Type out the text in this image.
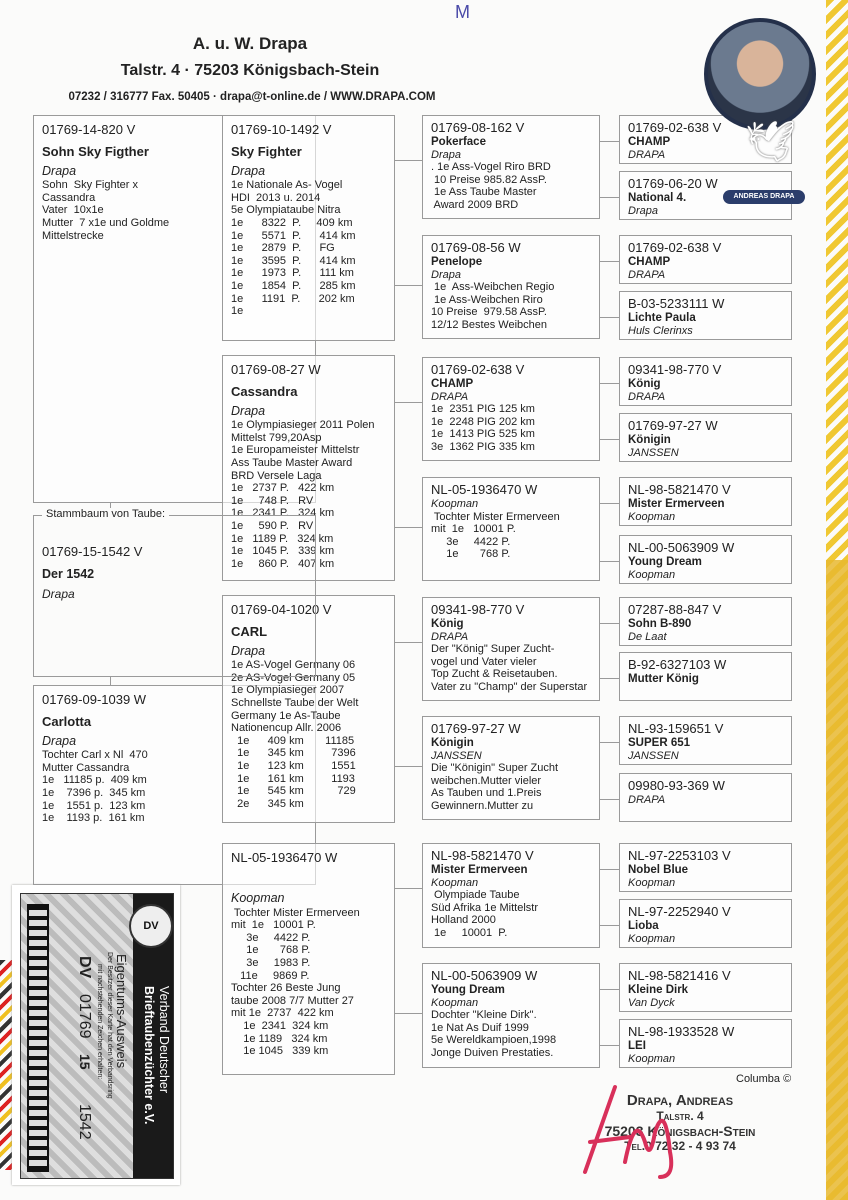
M
A. u. W. Drapa
Talstr. 4 · 75203 Königsbach-Stein
07232 / 316777 Fax. 50405 · drapa@t-online.de / WWW.DRAPA.COM
01769-14-820 V
Sohn Sky Figther
Drapa
Sohn  Sky Fighter x
Cassandra
Vater  10x1e
Mutter  7 x1e und Goldme
Mittelstrecke
01769-09-1039 W
Carlotta
Drapa
Tochter Carl x Nl  470
Mutter Cassandra
1e   11185 p.  409 km
1e    7396 p.  345 km
1e    1551 p.  123 km
1e    1193 p.  161 km
01769-10-1492 V
Sky Fighter
Drapa
1e Nationale As- Vogel
HDI  2013 u. 2014
5e Olympiataube Nitra
1e      8322  P.     409 km
1e      5571  P.      414 km
1e      2879  P.      FG
1e      3595  P.      414 km
1e      1973  P.      111 km
1e      1854  P.      285 km
1e      1191  P.      202 km
1e
01769-08-27 W
Cassandra
Drapa
1e Olympiasieger 2011 Polen
Mittelst 799,20Asp
1e Europameister Mittelstr
Ass Taube Master Award
BRD Versele Laga
1e   2737 P.   422 km
1e     748 P.   RV
1e   2341 P.   324 km
1e     590 P.   RV
1e   1189 P.   324 km
1e   1045 P.   339 km
1e     860 P.   407 km
01769-04-1020 V
CARL
Drapa
1e AS-Vogel Germany 06
2e AS-Vogel Germany 05
1e Olympiasieger 2007
Schnellste Taube der Welt
Germany 1e As-Taube
Nationencup Allr. 2006
1e      409 km       11185
1e      345 km         7396
1e      123 km         1551
1e      161 km         1193
1e      545 km           729
2e      345 km
NL-05-1936470 W
Koopman
Tochter Mister Ermerveen
mit  1e   10001 P.
3e     4422 P.
1e       768 P.
3e     1983 P.
11e     9869 P.
Tochter 26 Beste Jung
taube 2008 7/7 Mutter 27
mit 1e  2737  422 km
1e  2341  324 km
1e 1189   324 km
1e 1045   339 km
01769-08-162 V
Pokerface
Drapa
. 1e Ass-Vogel Riro BRD
10 Preise 985.82 AssP.
1e Ass Taube Master
Award 2009 BRD
01769-08-56 W
Penelope
Drapa
1e  Ass-Weibchen Regio
1e Ass-Weibchen Riro
10 Preise  979.58 AssP.
12/12 Bestes Weibchen
01769-02-638 V
CHAMP
DRAPA
1e  2351 PIG 125 km
1e  2248 PIG 202 km
1e  1413 PIG 525 km
3e  1362 PIG 335 km
NL-05-1936470 W
Koopman
Tochter Mister Ermerveen
mit  1e   10001 P.
3e     4422 P.
1e       768 P.
09341-98-770 V
König
DRAPA
Der "König" Super Zucht-
vogel und Vater vieler
Top Zucht & Reisetauben.
Vater zu "Champ" der Superstar
01769-97-27 W
Königin
JANSSEN
Die "Königin" Super Zucht
weibchen.Mutter vieler
As Tauben und 1.Preis
Gewinnern.Mutter zu
NL-98-5821470 V
Mister Ermerveen
Koopman
Olympiade Taube
Süd Afrika 1e Mittelstr
Holland 2000
1e     10001  P.
NL-00-5063909 W
Young Dream
Koopman
Dochter "Kleine Dirk".
1e Nat As Duif 1999
5e Wereldkampioen,1998
Jonge Duiven Prestaties.
01769-02-638 V
CHAMP
DRAPA
01769-06-20 W
National 4.
Drapa
01769-02-638 V
CHAMP
DRAPA
B-03-5233111 W
Lichte Paula
Huls Clerinxs
09341-98-770 V
König
DRAPA
01769-97-27 W
Königin
JANSSEN
NL-98-5821470 V
Mister Ermerveen
Koopman
NL-00-5063909 W
Young Dream
Koopman
07287-88-847 V
Sohn B-890
De Laat
B-92-6327103 W
Mutter König
NL-93-159651 V
SUPER 651
JANSSEN
09980-93-369 W
DRAPA
NL-97-2253103 V
Nobel Blue
Koopman
NL-97-2252940 V
Lioba
Koopman
NL-98-5821416 V
Kleine Dirk
Van Dyck
NL-98-1933528 W
LEI
Koopman
🕊
ANDREAS DRAPA
Stammbaum von Taube:
01769-15-1542 V
Der 1542
Drapa
Verband Deutscher
Brieftaubenzüchter e.V.
DV
Eigentums-Ausweis
Der Besitzer dieser Karte hat den Verbandsring
mit nachstehenden Zeichen erhalten:
DV
01769
15
1542
Columba ©
Drapa, Andreas
Talstr. 4
75203 Königsbach-Stein
Tel.0 72 32 - 4 93 74
